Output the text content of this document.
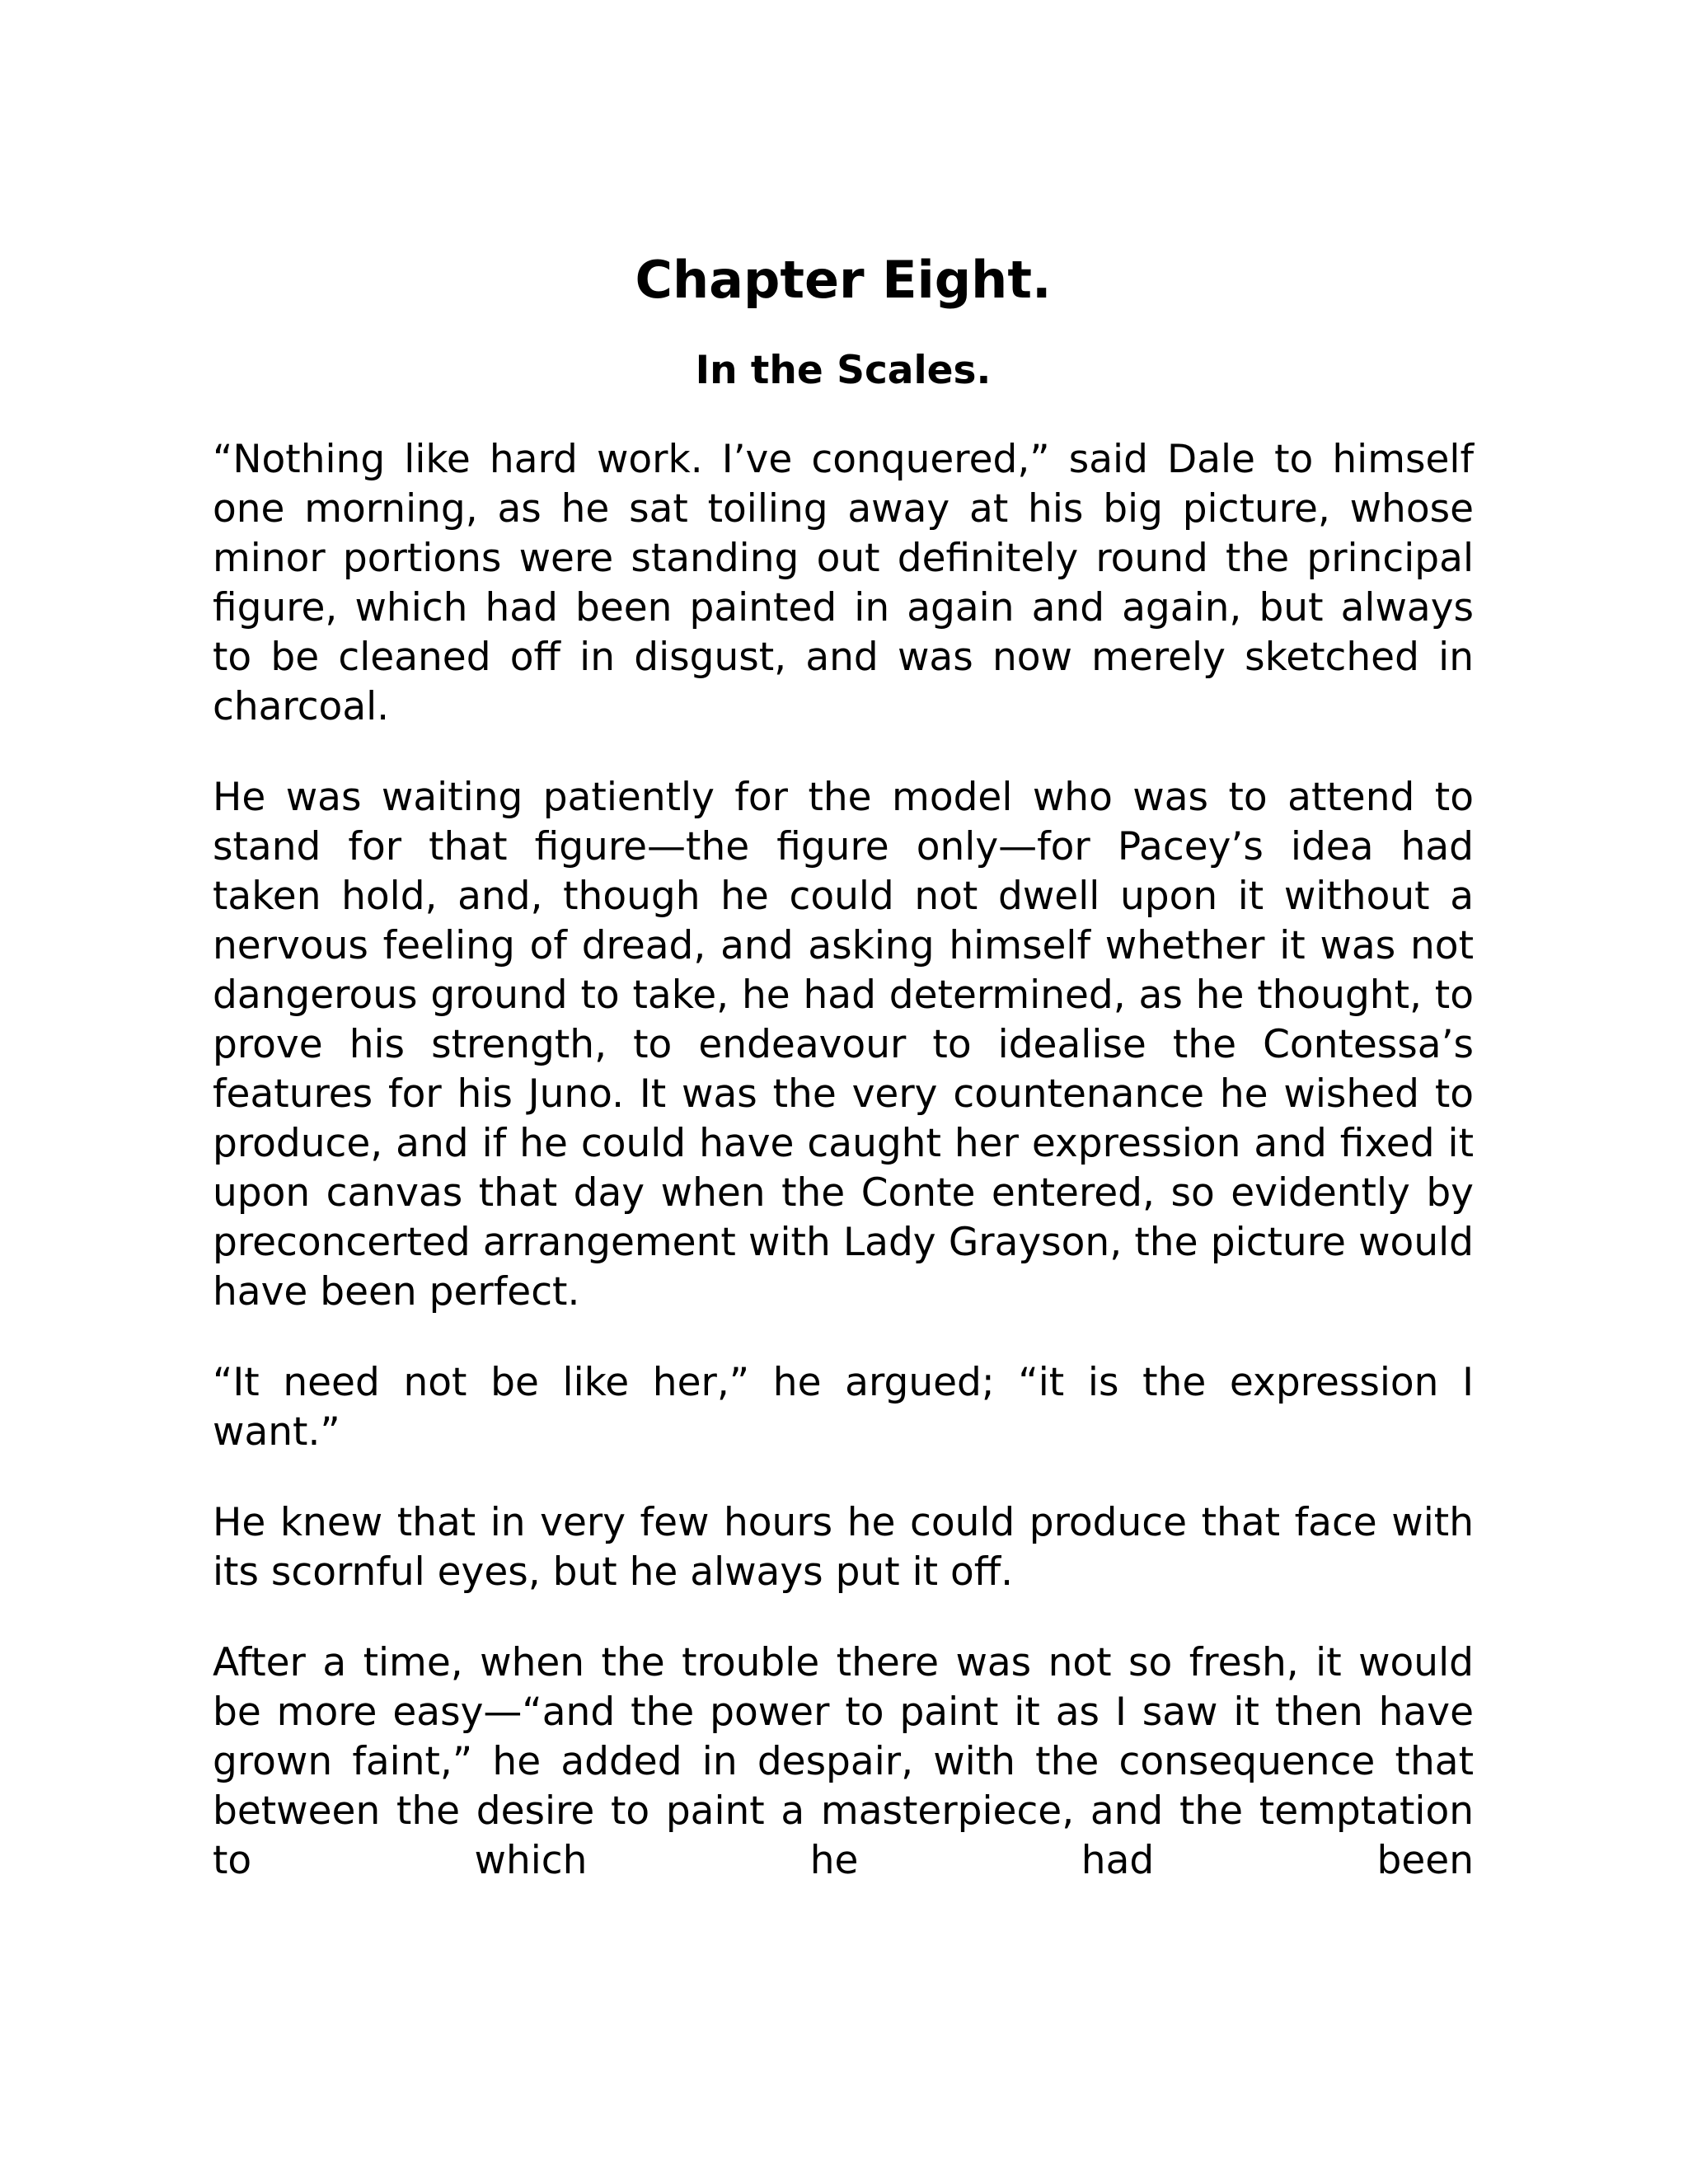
Chapter Eight.
In the Scales.

“Nothing like hard work. I’ve conquered,” said Dale to himself one morning, as he sat toiling away at his big picture, whose minor portions were standing out definitely round the principal figure, which had been painted in again and again, but always to be cleaned off in disgust, and was now merely sketched in charcoal.

He was waiting patiently for the model who was to attend to stand for that figure—the figure only—for Pacey’s idea had taken hold, and, though he could not dwell upon it without a nervous feeling of dread, and asking himself whether it was not dangerous ground to take, he had determined, as he thought, to prove his strength, to endeavour to idealise the Contessa’s features for his Juno. It was the very countenance he wished to produce, and if he could have caught her expression and fixed it upon canvas that day when the Conte entered, so evidently by preconcerted arrangement with Lady Grayson, the picture would have been perfect.

“It need not be like her,” he argued; “it is the expression I want.”

He knew that in very few hours he could produce that face with its scornful eyes, but he always put it off.

After a time, when the trouble there was not so fresh, it would be more easy—“and the power to paint it as I saw it then have grown faint,” he added in despair, with the consequence that between the desire to paint a masterpiece, and the temptation to which he had been
